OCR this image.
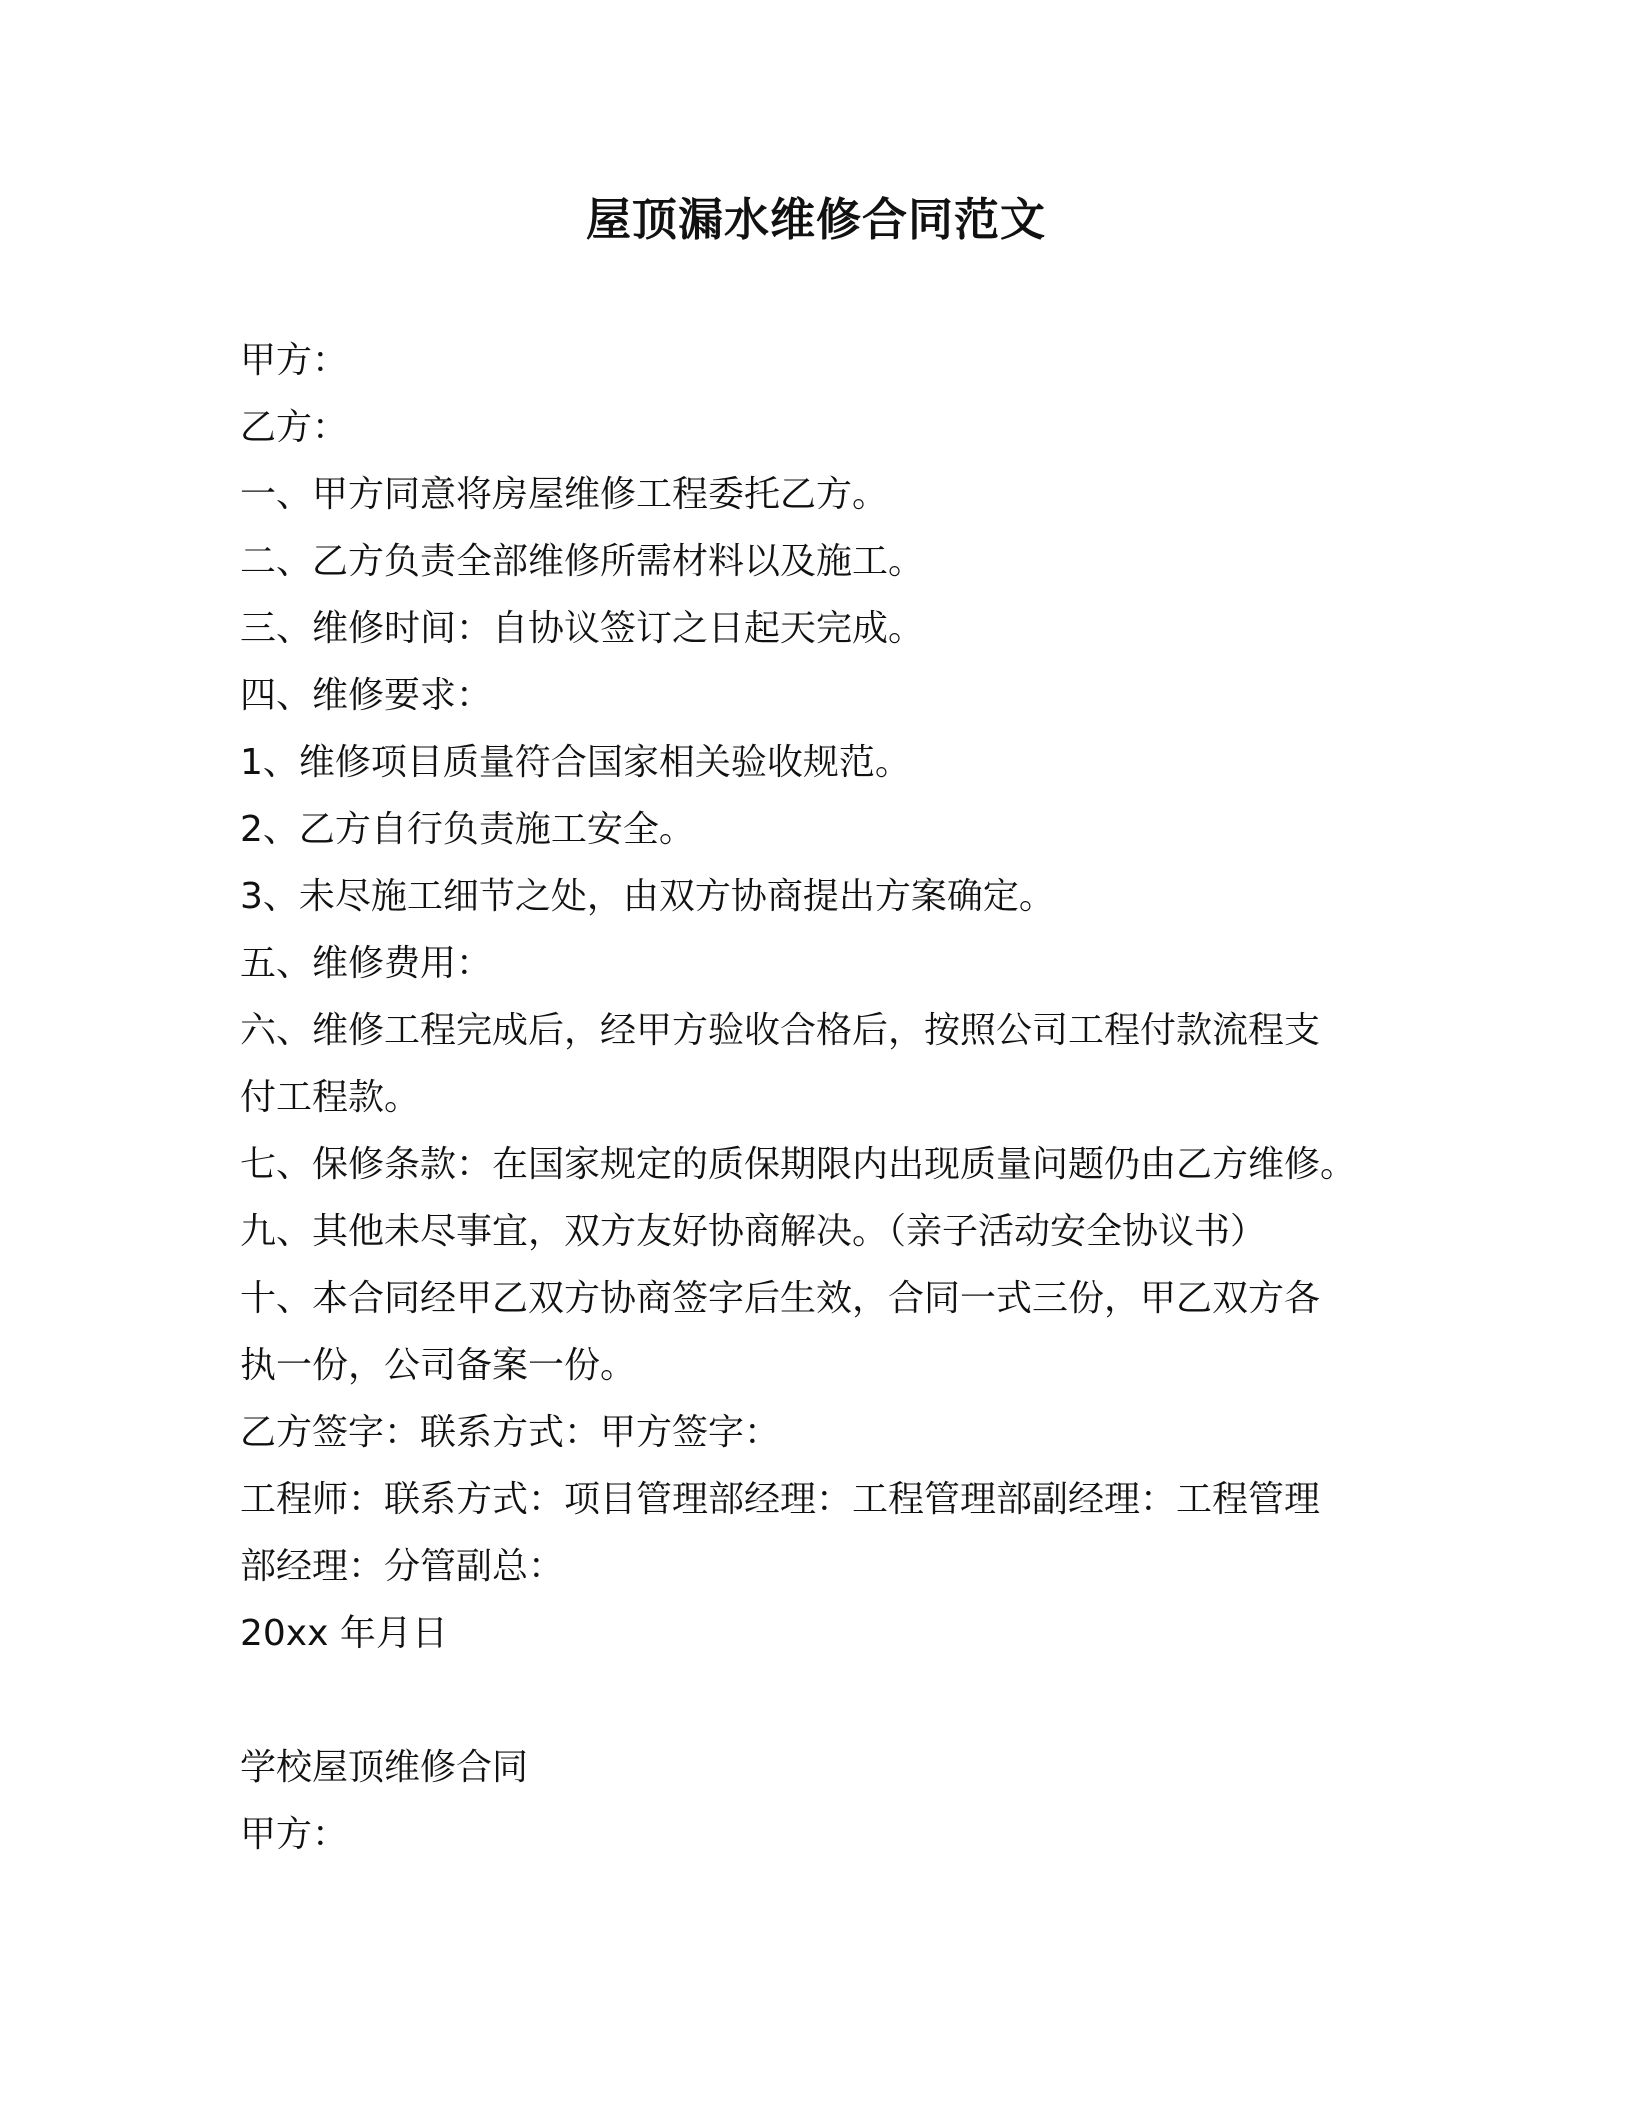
屋顶漏水维修合同范文
甲方：
乙方：
一、甲方同意将房屋维修工程委托乙方。
二、乙方负责全部维修所需材料以及施工。
三、维修时间：自协议签订之日起天完成。
四、维修要求：
1、维修项目质量符合国家相关验收规范。
2、乙方自行负责施工安全。
3、未尽施工细节之处，由双方协商提出方案确定。
五、维修费用：
六、维修工程完成后，经甲方验收合格后，按照公司工程付款流程支
付工程款。
七、保修条款：在国家规定的质保期限内出现质量问题仍由乙方维修。
九、其他未尽事宜，双方友好协商解决。（亲子活动安全协议书）
十、本合同经甲乙双方协商签字后生效，合同一式三份，甲乙双方各
执一份，公司备案一份。
乙方签字：联系方式：甲方签字：
工程师：联系方式：项目管理部经理：工程管理部副经理：工程管理
部经理：分管副总：
20xx 年月日
学校屋顶维修合同
甲方：
